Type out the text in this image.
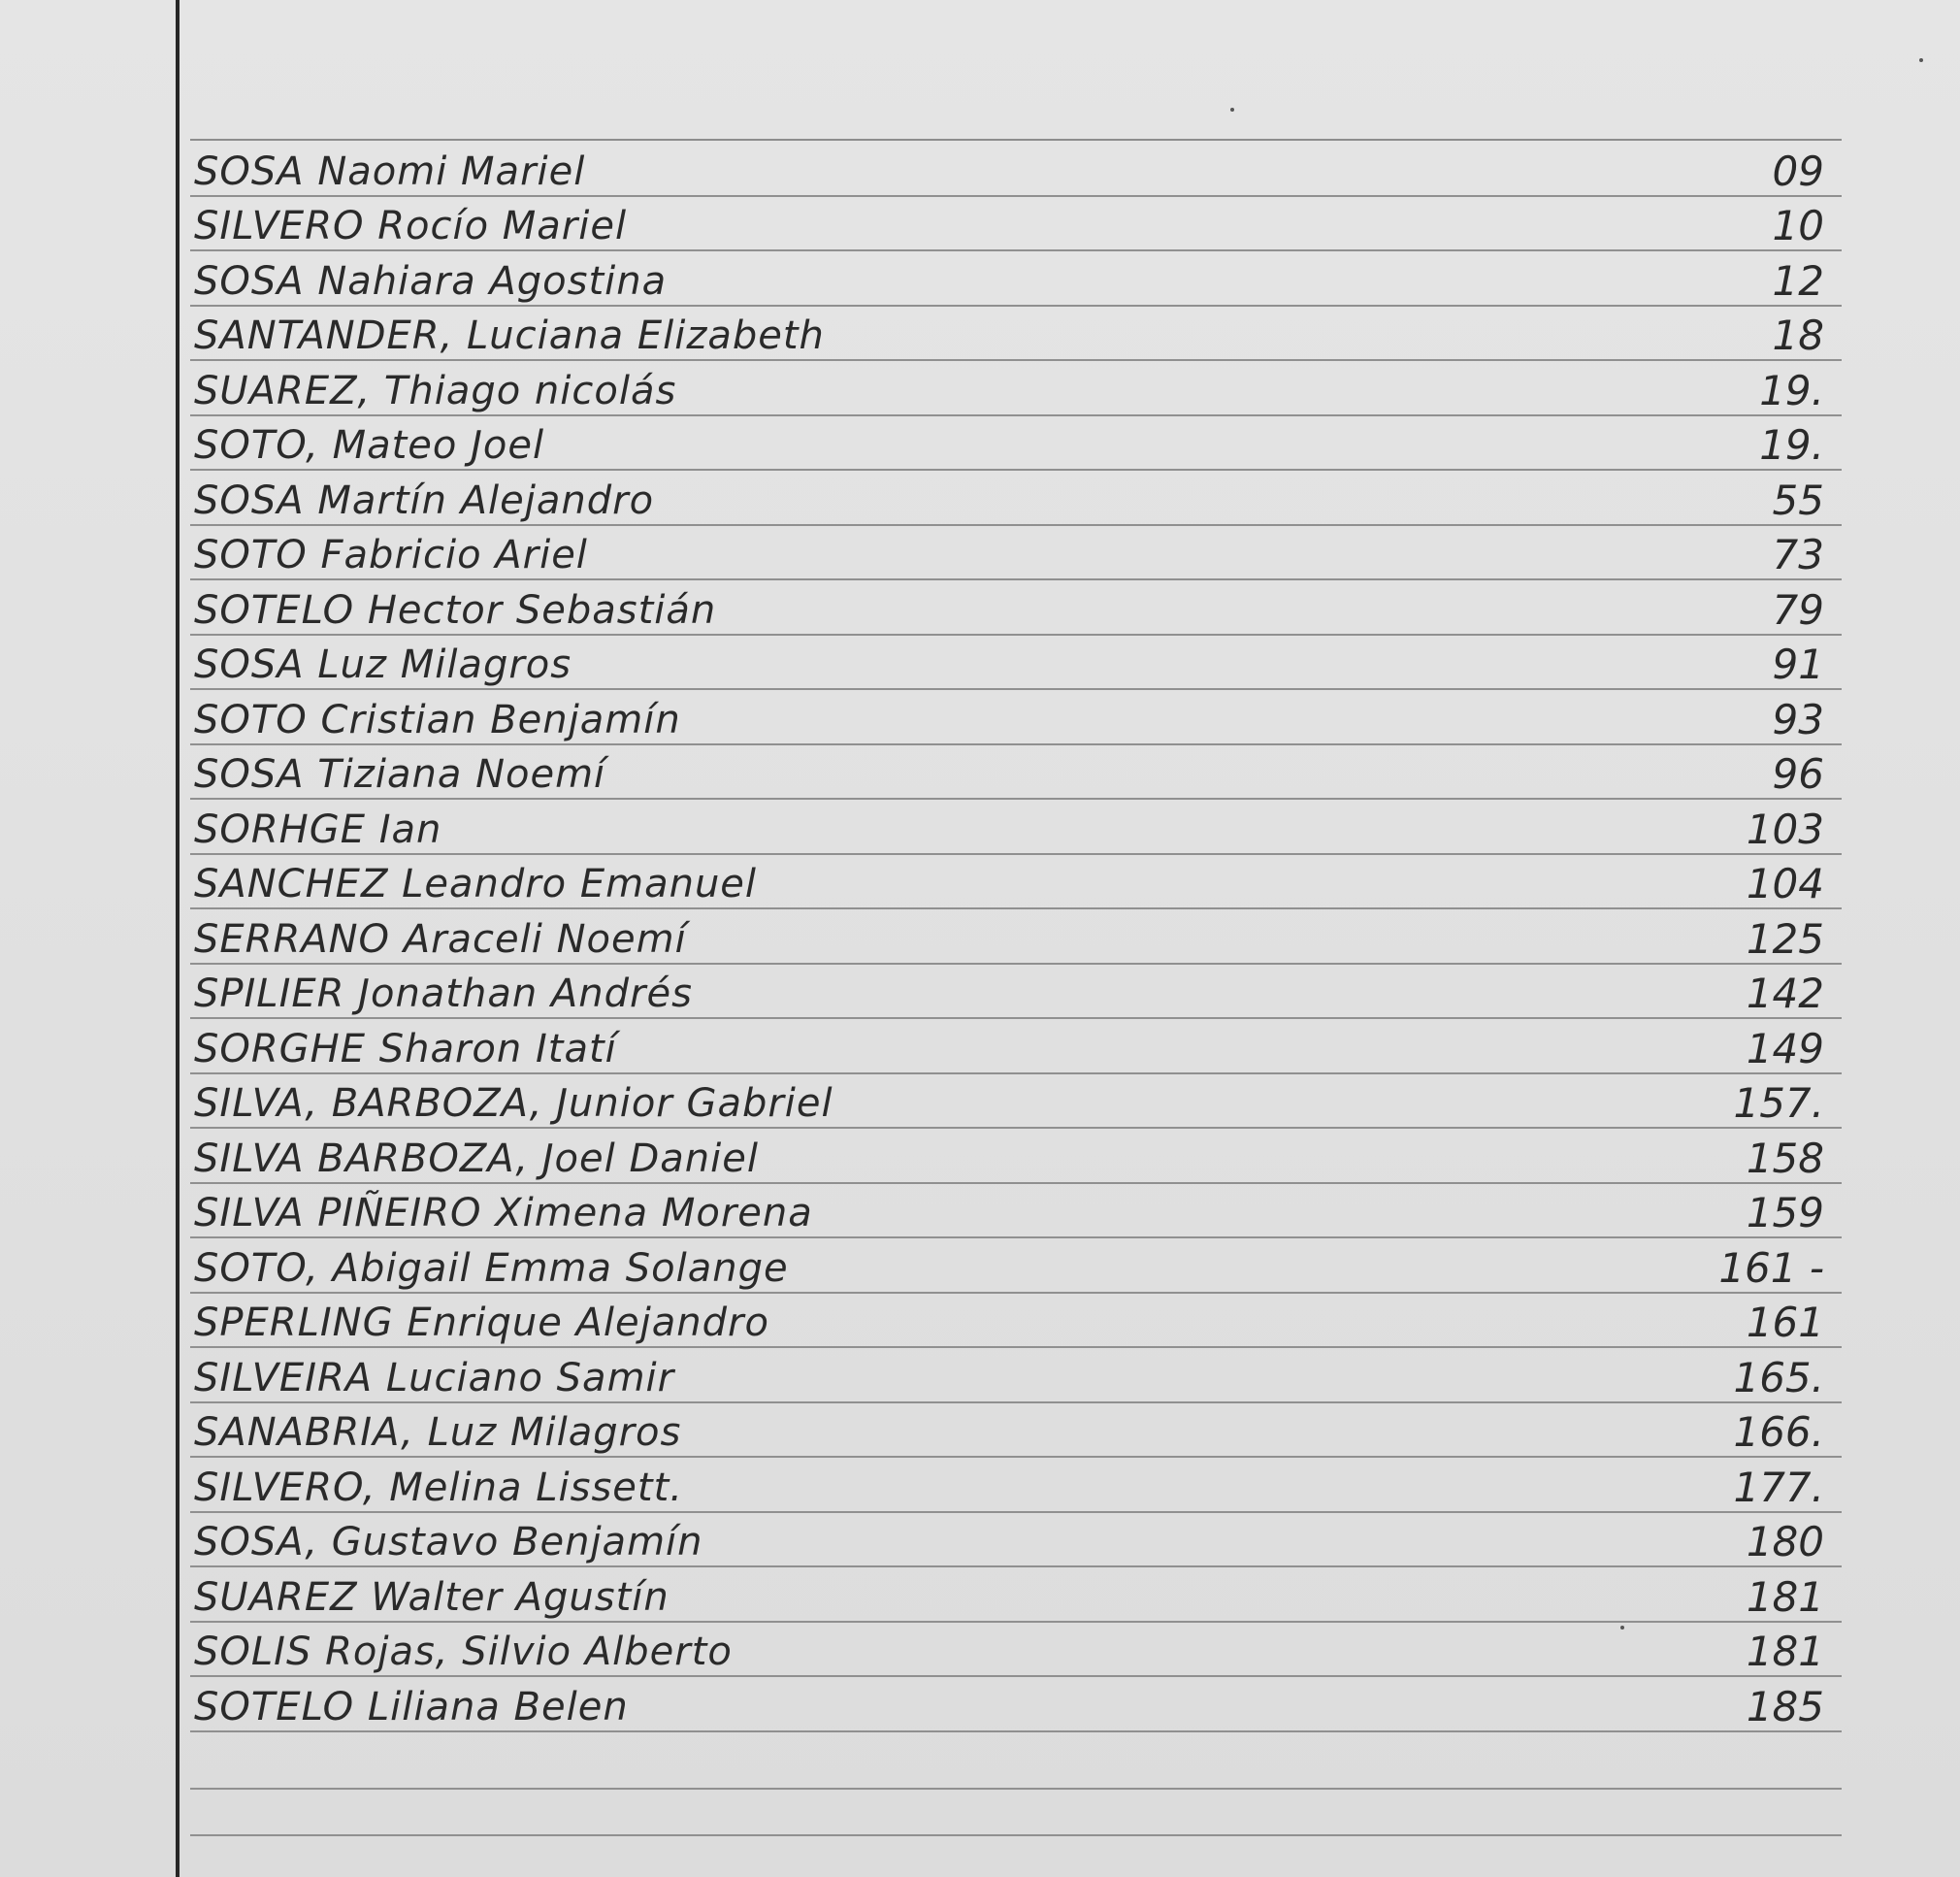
SOSA Naomi Mariel	09
SILVERO Rocío Mariel	10
SOSA Nahiara Agostina	12
SANTANDER, Luciana Elizabeth	18
SUAREZ, Thiago nicolás	19.
SOTO, Mateo Joel	19.
SOSA Martín Alejandro	55
SOTO Fabricio Ariel	73
SOTELO Hector Sebastián	79
SOSA Luz Milagros	91
SOTO Cristian Benjamín	93
SOSA Tiziana Noemí	96
SORHGE Ian	103
SANCHEZ Leandro Emanuel	104
SERRANO Araceli Noemí	125
SPILIER Jonathan Andrés	142
SORGHE Sharon Itatí	149
SILVA, BARBOZA, Junior Gabriel	157.
SILVA BARBOZA, Joel Daniel	158
SILVA PIÑEIRO Ximena Morena	159
SOTO, Abigail Emma Solange	161 -
SPERLING Enrique Alejandro	161
SILVEIRA Luciano Samir	165.
SANABRIA, Luz Milagros	166.
SILVERO, Melina Lissett.	177.
SOSA, Gustavo Benjamín	180
SUAREZ Walter Agustín	181
SOLIS Rojas, Silvio Alberto	181
SOTELO Liliana Belen	185
